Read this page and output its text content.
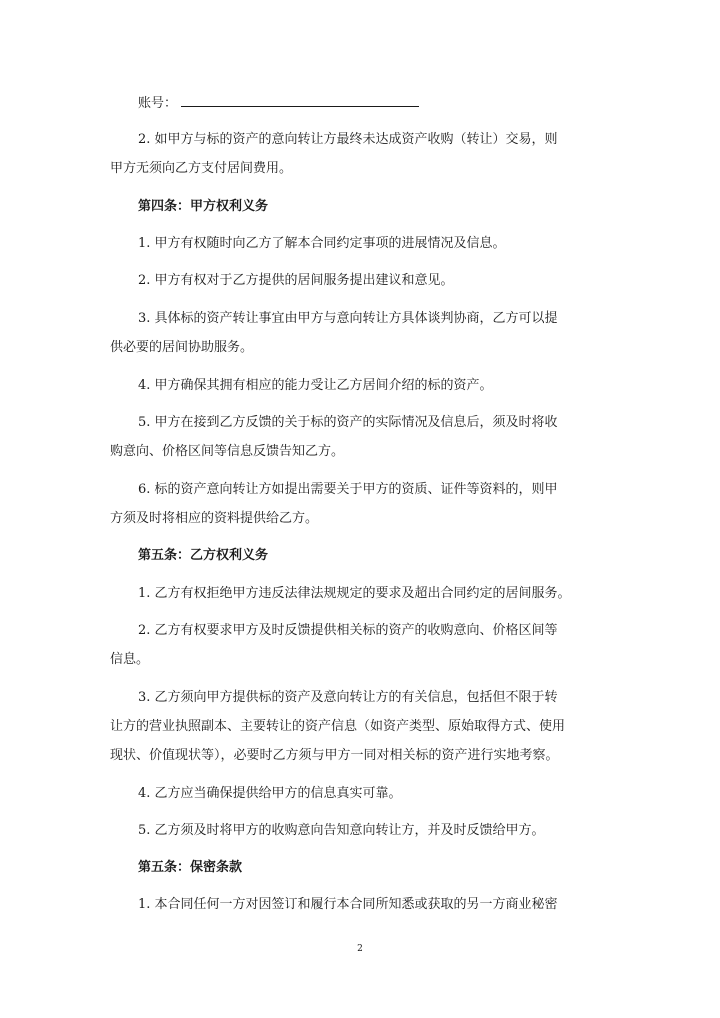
账号：

2. 如甲方与标的资产的意向转让方最终未达成资产收购（转让）交易，则

甲方无须向乙方支付居间费用。

第四条：甲方权利义务

1. 甲方有权随时向乙方了解本合同约定事项的进展情况及信息。

2. 甲方有权对于乙方提供的居间服务提出建议和意见。

3. 具体标的资产转让事宜由甲方与意向转让方具体谈判协商，乙方可以提

供必要的居间协助服务。

4. 甲方确保其拥有相应的能力受让乙方居间介绍的标的资产。

5. 甲方在接到乙方反馈的关于标的资产的实际情况及信息后，须及时将收

购意向、价格区间等信息反馈告知乙方。

6. 标的资产意向转让方如提出需要关于甲方的资质、证件等资料的，则甲

方须及时将相应的资料提供给乙方。

第五条：乙方权利义务

1. 乙方有权拒绝甲方违反法律法规规定的要求及超出合同约定的居间服务。

2. 乙方有权要求甲方及时反馈提供相关标的资产的收购意向、价格区间等

信息。

3. 乙方须向甲方提供标的资产及意向转让方的有关信息，包括但不限于转

让方的营业执照副本、主要转让的资产信息（如资产类型、原始取得方式、使用

现状、价值现状等），必要时乙方须与甲方一同对相关标的资产进行实地考察。

4. 乙方应当确保提供给甲方的信息真实可靠。

5. 乙方须及时将甲方的收购意向告知意向转让方，并及时反馈给甲方。

第五条：保密条款

1. 本合同任何一方对因签订和履行本合同所知悉或获取的另一方商业秘密

2
